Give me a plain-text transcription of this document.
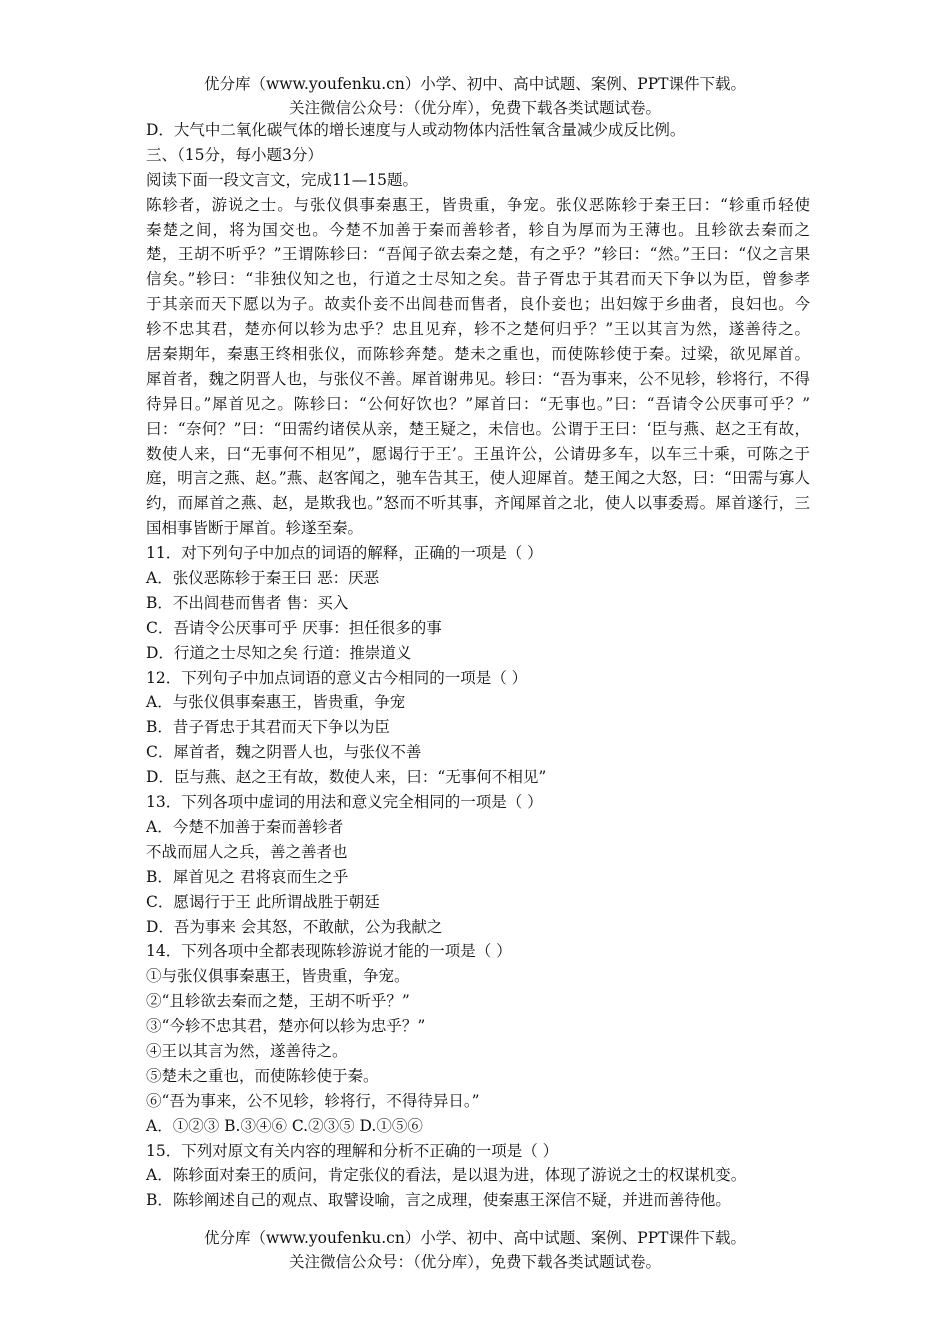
优分库（www.youfenku.cn）小学、初中、高中试题、案例、PPT课件下载。
关注微信公众号：（优分库），免费下载各类试题试卷。
D．大气中二氧化碳气体的增长速度与人或动物体内活性氧含量减少成反比例。
三、（15分，每小题3分）
阅读下面一段文言文，完成11—15题。
陈轸者，游说之士。与张仪俱事秦惠王，皆贵重，争宠。张仪恶陈轸于秦王曰：“轸重币轻使
秦楚之间，将为国交也。今楚不加善于秦而善轸者，轸自为厚而为王薄也。且轸欲去秦而之
楚，王胡不听乎？”王谓陈轸曰：“吾闻子欲去秦之楚，有之乎？”轸曰：“然。”王曰：“仪之言果
信矣。”轸曰：“非独仪知之也，行道之士尽知之矣。昔子胥忠于其君而天下争以为臣，曾参孝
于其亲而天下愿以为子。故卖仆妾不出闾巷而售者，良仆妾也；出妇嫁于乡曲者，良妇也。今
轸不忠其君，楚亦何以轸为忠乎？忠且见弃，轸不之楚何归乎？”王以其言为然，遂善待之。
居秦期年，秦惠王终相张仪，而陈轸奔楚。楚未之重也，而使陈轸使于秦。过梁，欲见犀首。
犀首者，魏之阴晋人也，与张仪不善。犀首谢弗见。轸曰：“吾为事来，公不见轸，轸将行，不得
待异日。”犀首见之。陈轸曰：“公何好饮也？”犀首曰：“无事也。”曰：“吾请令公厌事可乎？”
曰：“奈何？”曰：“田需约诸侯从亲，楚王疑之，未信也。公谓于王曰：‘臣与燕、赵之王有故，
数使人来，曰“无事何不相见”，愿谒行于王’。王虽许公，公请毋多车，以车三十乘，可陈之于
庭，明言之燕、赵。”燕、赵客闻之，驰车告其王，使人迎犀首。楚王闻之大怒，曰：“田需与寡人
约，而犀首之燕、赵，是欺我也。”怒而不听其事，齐闻犀首之北，使人以事委焉。犀首遂行，三
国相事皆断于犀首。轸遂至秦。
11．对下列句子中加点的词语的解释，正确的一项是（ ）
A．张仪恶陈轸于秦王曰 恶：厌恶
B．不出闾巷而售者 售：买入
C．吾请令公厌事可乎 厌事：担任很多的事
D．行道之士尽知之矣 行道：推崇道义
12．下列句子中加点词语的意义古今相同的一项是（ ）
A．与张仪俱事秦惠王，皆贵重，争宠
B．昔子胥忠于其君而天下争以为臣
C．犀首者，魏之阴晋人也，与张仪不善
D．臣与燕、赵之王有故，数使人来，曰：“无事何不相见”
13．下列各项中虚词的用法和意义完全相同的一项是（ ）
A．今楚不加善于秦而善轸者
不战而屈人之兵，善之善者也
B．犀首见之 君将哀而生之乎
C．愿谒行于王 此所谓战胜于朝廷
D．吾为事来 会其怒，不敢献，公为我献之
14．下列各项中全都表现陈轸游说才能的一项是（ ）
①与张仪俱事秦惠王，皆贵重，争宠。
②“且轸欲去秦而之楚，王胡不听乎？”
③“今轸不忠其君，楚亦何以轸为忠乎？”
④王以其言为然，遂善待之。
⑤楚未之重也，而使陈轸使于秦。
⑥“吾为事来，公不见轸，轸将行，不得待异日。”
A．①②③ B.③④⑥ C.②③⑤ D.①⑤⑥
15．下列对原文有关内容的理解和分析不正确的一项是（ ）
A．陈轸面对秦王的质问，肯定张仪的看法，是以退为进，体现了游说之士的权谋机变。
B．陈轸阐述自己的观点、取譬设喻，言之成理，使秦惠王深信不疑，并进而善待他。
优分库（www.youfenku.cn）小学、初中、高中试题、案例、PPT课件下载。
关注微信公众号：（优分库），免费下载各类试题试卷。
